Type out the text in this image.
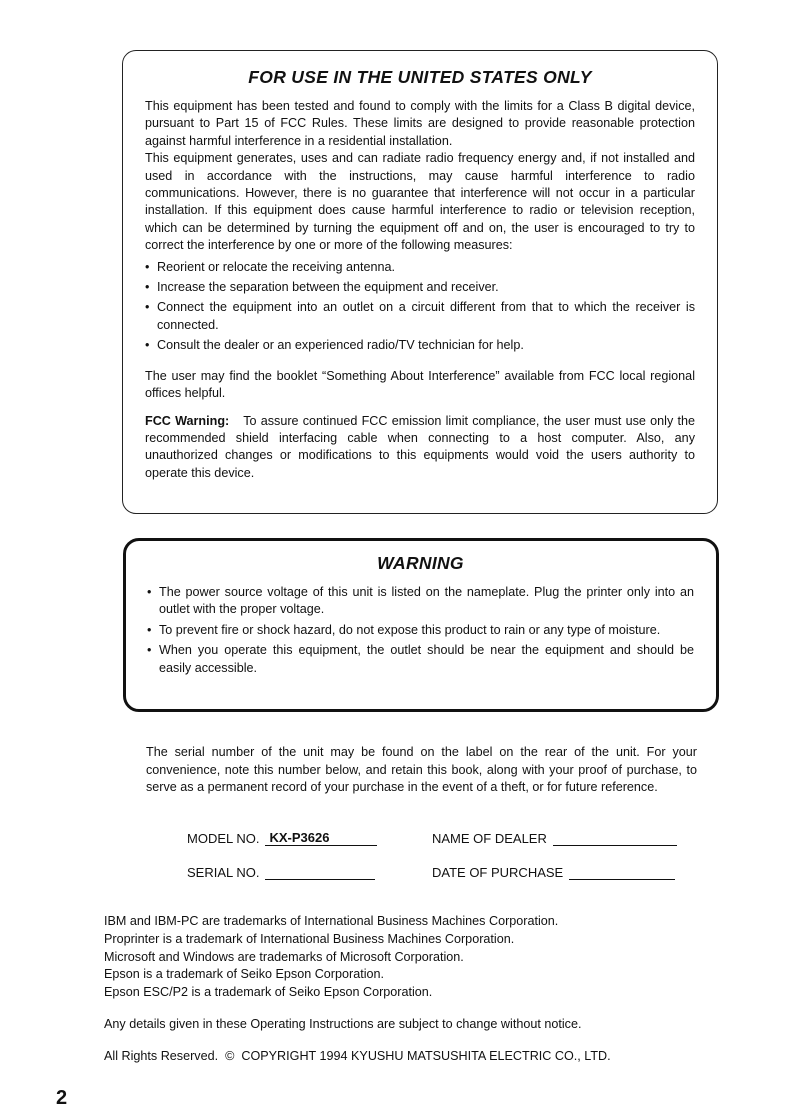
FOR USE IN THE UNITED STATES ONLY

This equipment has been tested and found to comply with the limits for a Class B digital device, pursuant to Part 15 of FCC Rules. These limits are designed to provide reasonable protection against harmful interference in a residential installation.

This equipment generates, uses and can radiate radio frequency energy and, if not installed and used in accordance with the instructions, may cause harmful interference to radio communications. However, there is no guarantee that interference will not occur in a particular installation. If this equipment does cause harmful interference to radio or television reception, which can be determined by turning the equipment off and on, the user is encouraged to try to correct the interference by one or more of the following measures:

• Reorient or relocate the receiving antenna.
• Increase the separation between the equipment and receiver.
• Connect the equipment into an outlet on a circuit different from that to which the receiver is connected.
• Consult the dealer or an experienced radio/TV technician for help.

The user may find the booklet “Something About Interference” available from FCC local regional offices helpful.

FCC Warning: To assure continued FCC emission limit compliance, the user must use only the recommended shield interfacing cable when connecting to a host computer. Also, any unauthorized changes or modifications to this equipments would void the users authority to operate this device.

WARNING
• The power source voltage of this unit is listed on the nameplate. Plug the printer only into an outlet with the proper voltage.
• To prevent fire or shock hazard, do not expose this product to rain or any type of moisture.
• When you operate this equipment, the outlet should be near the equipment and should be easily accessible.

The serial number of the unit may be found on the label on the rear of the unit. For your convenience, note this number below, and retain this book, along with your proof of purchase, to serve as a permanent record of your purchase in the event of a theft, or for future reference.

MODEL NO. KX-P3626	NAME OF DEALER
SERIAL NO.	DATE OF PURCHASE
IBM and IBM-PC are trademarks of International Business Machines Corporation.
Proprinter is a trademark of International Business Machines Corporation.
Microsoft and Windows are trademarks of Microsoft Corporation.
Epson is a trademark of Seiko Epson Corporation.
Epson ESC/P2 is a trademark of Seiko Epson Corporation.
Any details given in these Operating Instructions are subject to change without notice.
All Rights Reserved.  ©  COPYRIGHT 1994 KYUSHU MATSUSHITA ELECTRIC CO., LTD.
2
